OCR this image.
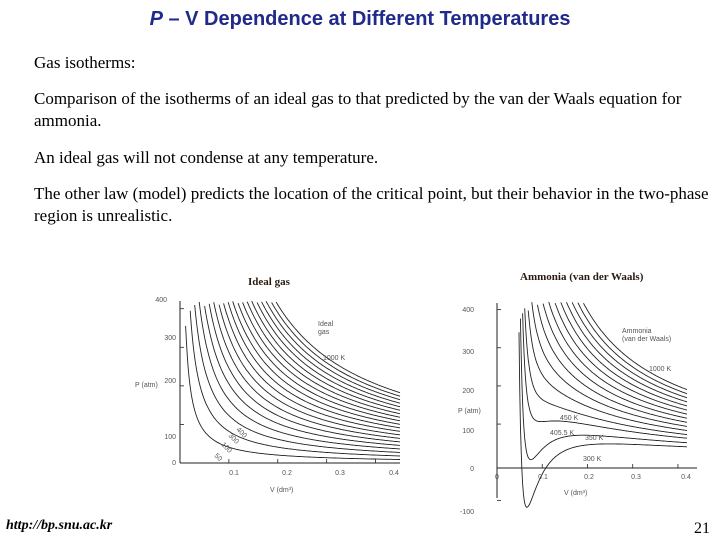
P – V Dependence at Different Temperatures
Gas isotherms:
Comparison of the isotherms of an ideal gas to that predicted by the van der Waals equation for ammonia.
An ideal gas will not condense at any temperature.
The other law (model) predicts the location of the critical point, but their behavior in the two-phase region is unrealistic.
Ideal gas	Ammonia (van der Waals)
400
300
200
100
0
0.1	0.2	0.3	0.4
P (atm)
V (dm³)
Ideal
gas
1000 K
400
300
100
50
400
300
200
100
0
-100
0	0.1	0.2	0.3	0.4
P (atm)
V (dm³)
Ammonia
(van der Waals)
1000 K
450 K
405.5 K
350 K
300 K
http://bp.snu.ac.kr	21
